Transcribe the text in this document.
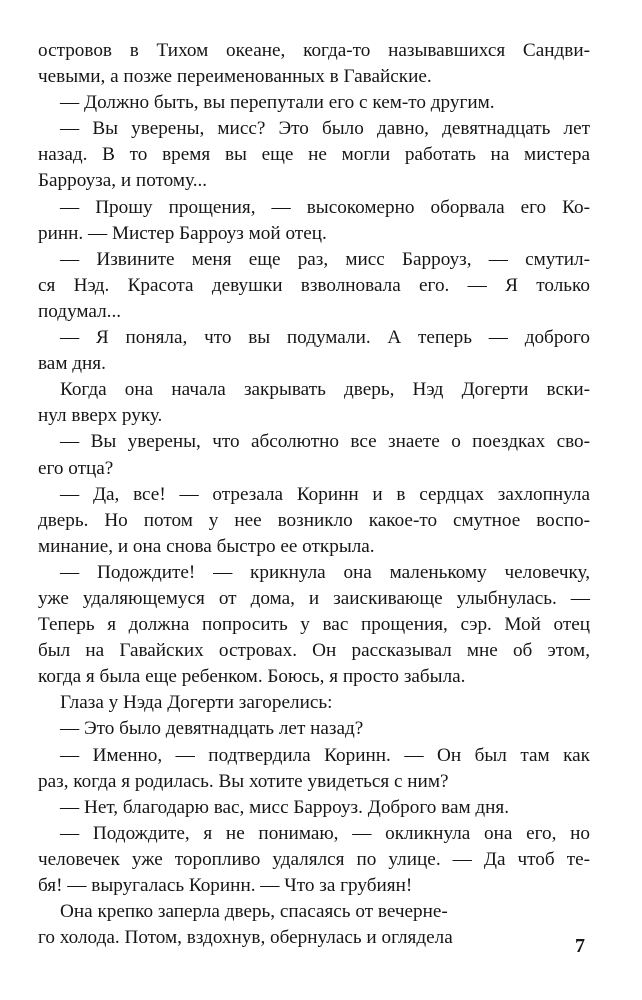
островов в Тихом океане, когда-то называвшихся Сандви-
чевыми, а позже переименованных в Гавайские.
— Должно быть, вы перепутали его с кем-то другим.
— Вы уверены, мисс? Это было давно, девятнадцать лет
назад. В то время вы еще не могли работать на мистера
Барроуза, и потому...
— Прошу прощения, — высокомерно оборвала его Ко-
ринн. — Мистер Барроуз мой отец.
— Извините меня еще раз, мисс Барроуз, — смутил-
ся Нэд. Красота девушки взволновала его. — Я только
подумал...
— Я поняла, что вы подумали. А теперь — доброго
вам дня.
Когда она начала закрывать дверь, Нэд Догерти вски-
нул вверх руку.
— Вы уверены, что абсолютно все знаете о поездках сво-
его отца?
— Да, все! — отрезала Коринн и в сердцах захлопнула
дверь. Но потом у нее возникло какое-то смутное воспо-
минание, и она снова быстро ее открыла.
— Подождите! — крикнула она маленькому человечку,
уже удаляющемуся от дома, и заискивающе улыбнулась. —
Теперь я должна попросить у вас прощения, сэр. Мой отец
был на Гавайских островах. Он рассказывал мне об этом,
когда я была еще ребенком. Боюсь, я просто забыла.
Глаза у Нэда Догерти загорелись:
— Это было девятнадцать лет назад?
— Именно, — подтвердила Коринн. — Он был там как
раз, когда я родилась. Вы хотите увидеться с ним?
— Нет, благодарю вас, мисс Барроуз. Доброго вам дня.
— Подождите, я не понимаю, — окликнула она его, но
человечек уже торопливо удалялся по улице. — Да чтоб те-
бя! — выругалась Коринн. — Что за грубиян!
Она крепко заперла дверь, спасаясь от вечерне-
го холода. Потом, вздохнув, обернулась и оглядела	7
